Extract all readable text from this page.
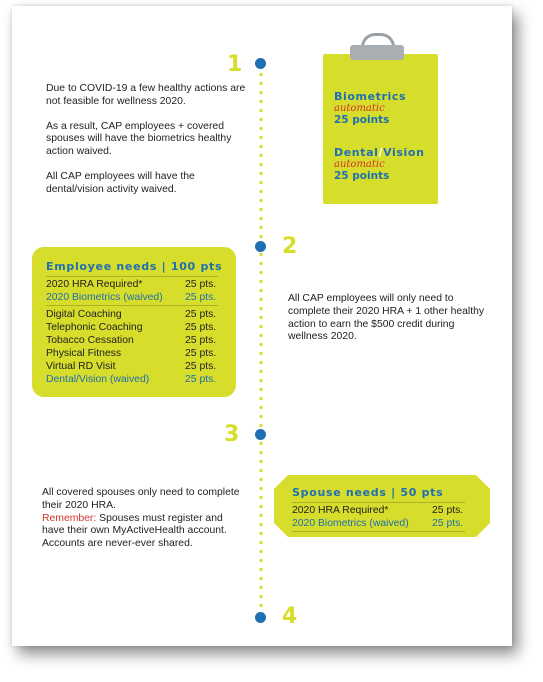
1
2
3
4

Due to COVID-19 a few healthy actions are not feasible for wellness 2020.

As a result, CAP employees + covered spouses will have the biometrics healthy action waived.

All CAP employees will have the dental/vision activity waived.

Biometrics
automatic
25 points
Dental/Vision
automatic
25 points
Employee needs | 100 pts
2020 HRA Required*	25 pts.
2020 Biometrics (waived) 25 pts.
Digital Coaching	25 pts.
Telephonic Coaching	25 pts.
Tobacco Cessation	25 pts.
Physical Fitness	25 pts.
Virtual RD Visit	25 pts.
Dental/Vision (waived)	25 pts.
All CAP employees will only need to complete their 2020 HRA + 1 other healthy action to earn the $500 credit during wellness 2020.
All covered spouses only need to complete their 2020 HRA.
Remember: Spouses must register and have their own MyActiveHealth account. Accounts are never-ever shared.
Spouse needs | 50 pts
2020 HRA Required*	25 pts.
2020 Biometrics (waived) 25 pts.
